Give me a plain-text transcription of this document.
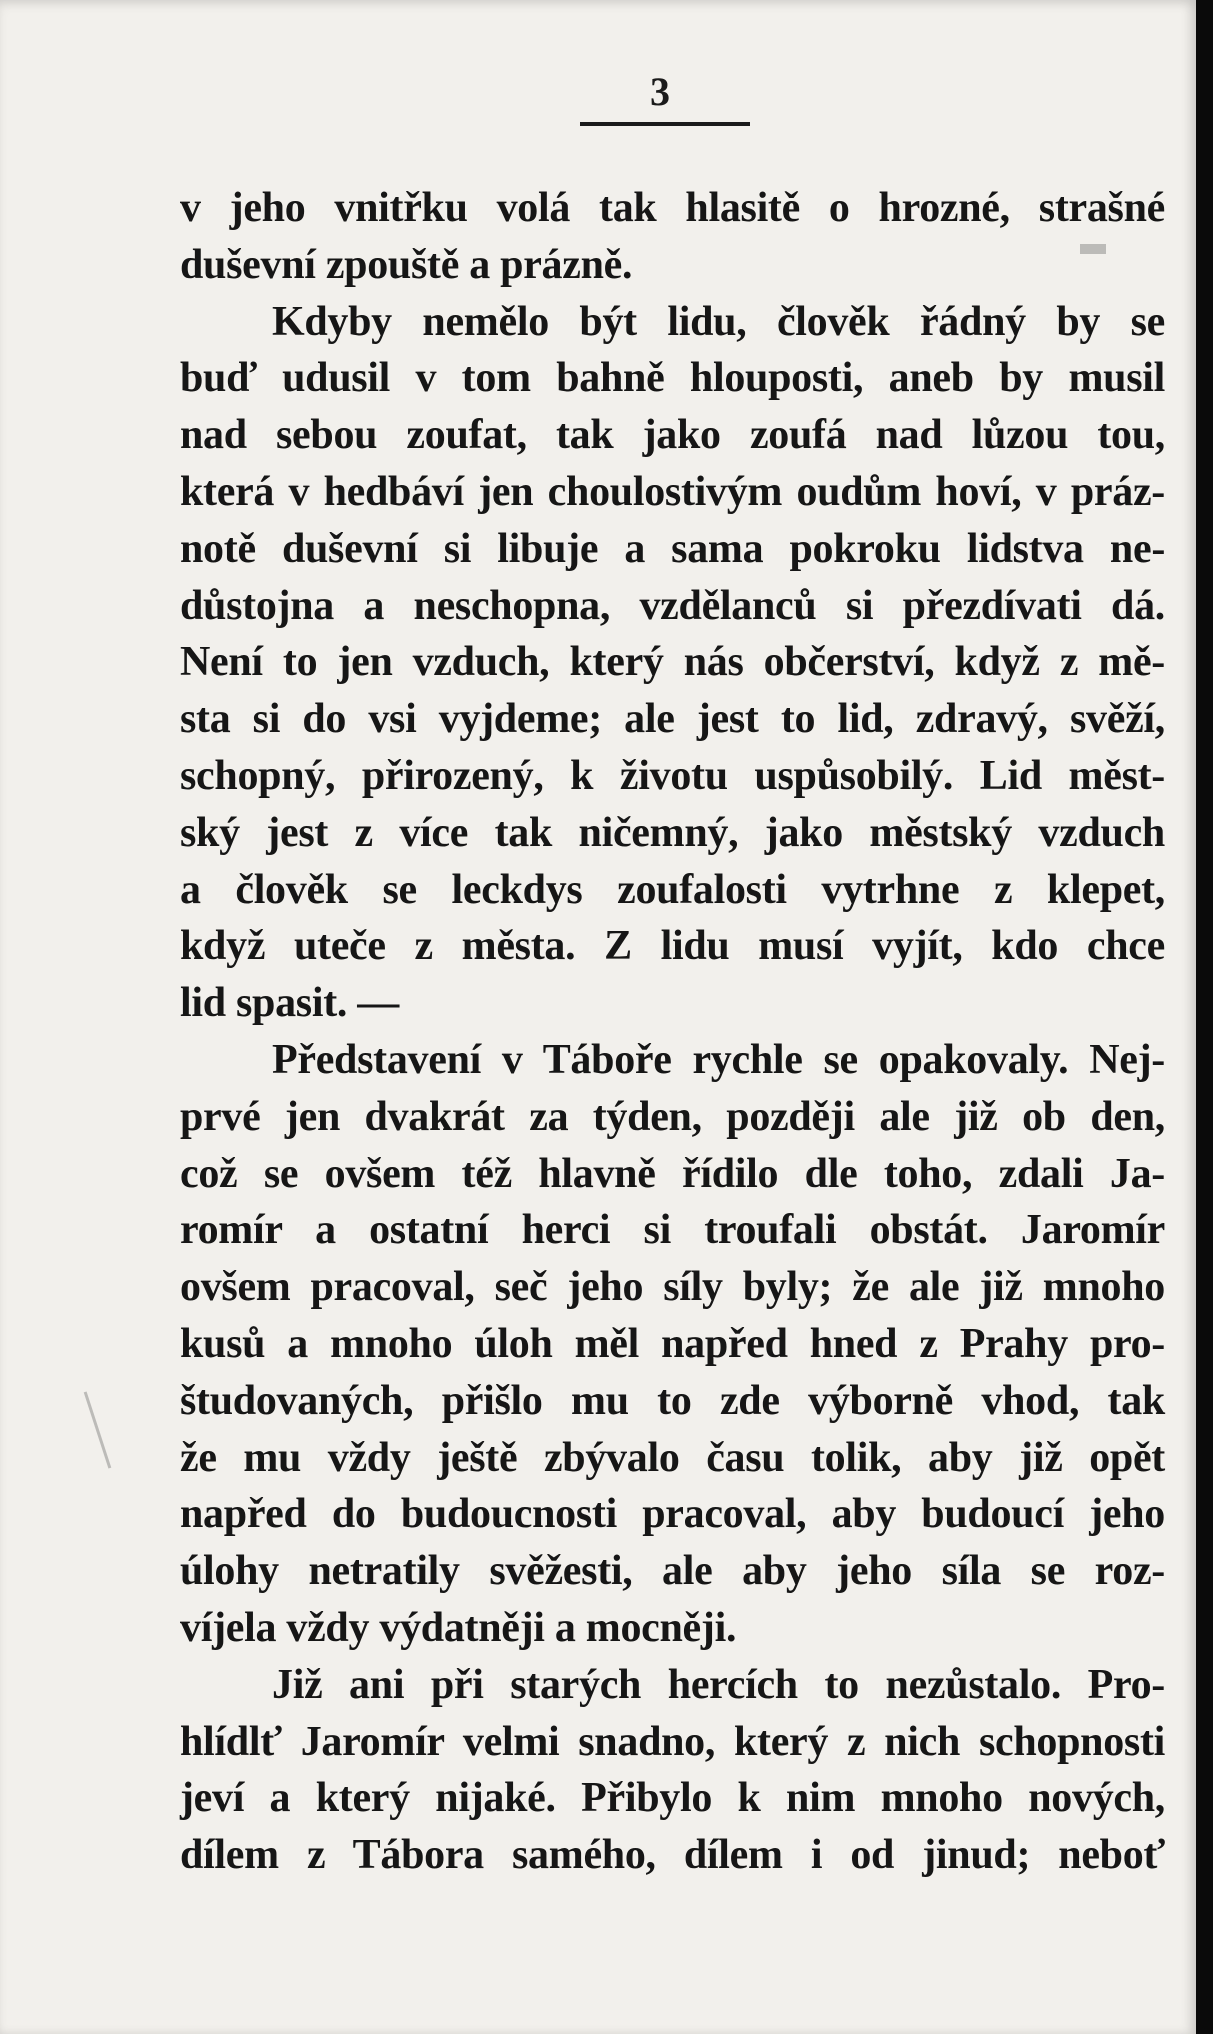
3
v jeho vnitřku volá tak hlasitě o hrozné, strašné
duševní zpouště a prázně.
Kdyby nemělo být lidu, člověk řádný by se
buď udusil v tom bahně hlouposti, aneb by musil
nad sebou zoufat, tak jako zoufá nad lůzou tou,
která v hedbáví jen choulostivým oudům hoví, v práz-
notě duševní si libuje a sama pokroku lidstva ne-
důstojna a neschopna, vzdělanců si přezdívati dá.
Není to jen vzduch, který nás občerství, když z mě-
sta si do vsi vyjdeme; ale jest to lid, zdravý, svěží,
schopný, přirozený, k životu uspůsobilý. Lid měst-
ský jest z více tak ničemný, jako městský vzduch
a člověk se leckdys zoufalosti vytrhne z klepet,
když uteče z města. Z lidu musí vyjít, kdo chce
lid spasit. —
Představení v Táboře rychle se opakovaly. Nej-
prvé jen dvakrát za týden, později ale již ob den,
což se ovšem též hlavně řídilo dle toho, zdali Ja-
romír a ostatní herci si troufali obstát. Jaromír
ovšem pracoval, seč jeho síly byly; že ale již mnoho
kusů a mnoho úloh měl napřed hned z Prahy pro-
študovaných, přišlo mu to zde výborně vhod, tak
že mu vždy ještě zbývalo času tolik, aby již opět
napřed do budoucnosti pracoval, aby budoucí jeho
úlohy netratily svěžesti, ale aby jeho síla se roz-
víjela vždy výdatněji a mocněji.
Již ani při starých hercích to nezůstalo. Pro-
hlídlť Jaromír velmi snadno, který z nich schopnosti
jeví a který nijaké. Přibylo k nim mnoho nových,
dílem z Tábora samého, dílem i od jinud; neboť
